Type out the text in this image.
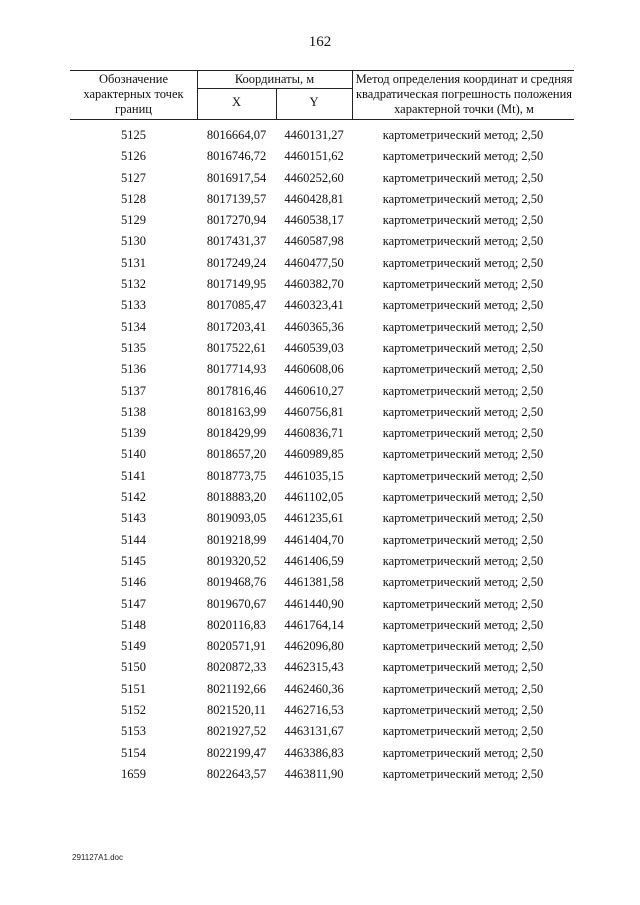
162
Обозначение характерных точек границ
Координаты, м
X	Y
Метод определения координат и средняя квадратическая погрешность положения характерной точки (Mt), м
5125	8016664,07	4460131,27	картометрический метод; 2,50
5126	8016746,72	4460151,62	картометрический метод; 2,50
5127	8016917,54	4460252,60	картометрический метод; 2,50
5128	8017139,57	4460428,81	картометрический метод; 2,50
5129	8017270,94	4460538,17	картометрический метод; 2,50
5130	8017431,37	4460587,98	картометрический метод; 2,50
5131	8017249,24	4460477,50	картометрический метод; 2,50
5132	8017149,95	4460382,70	картометрический метод; 2,50
5133	8017085,47	4460323,41	картометрический метод; 2,50
5134	8017203,41	4460365,36	картометрический метод; 2,50
5135	8017522,61	4460539,03	картометрический метод; 2,50
5136	8017714,93	4460608,06	картометрический метод; 2,50
5137	8017816,46	4460610,27	картометрический метод; 2,50
5138	8018163,99	4460756,81	картометрический метод; 2,50
5139	8018429,99	4460836,71	картометрический метод; 2,50
5140	8018657,20	4460989,85	картометрический метод; 2,50
5141	8018773,75	4461035,15	картометрический метод; 2,50
5142	8018883,20	4461102,05	картометрический метод; 2,50
5143	8019093,05	4461235,61	картометрический метод; 2,50
5144	8019218,99	4461404,70	картометрический метод; 2,50
5145	8019320,52	4461406,59	картометрический метод; 2,50
5146	8019468,76	4461381,58	картометрический метод; 2,50
5147	8019670,67	4461440,90	картометрический метод; 2,50
5148	8020116,83	4461764,14	картометрический метод; 2,50
5149	8020571,91	4462096,80	картометрический метод; 2,50
5150	8020872,33	4462315,43	картометрический метод; 2,50
5151	8021192,66	4462460,36	картометрический метод; 2,50
5152	8021520,11	4462716,53	картометрический метод; 2,50
5153	8021927,52	4463131,67	картометрический метод; 2,50
5154	8022199,47	4463386,83	картометрический метод; 2,50
1659	8022643,57	4463811,90	картометрический метод; 2,50
291127A1.doc
